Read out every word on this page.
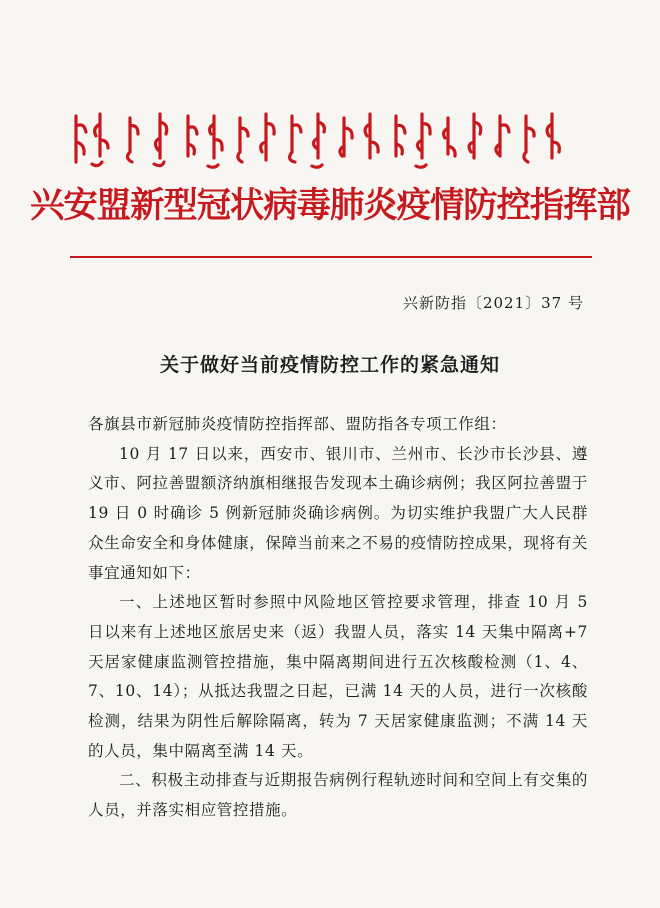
兴安盟新型冠状病毒肺炎疫情防控指挥部
兴新防指〔2021〕37 号
关于做好当前疫情防控工作的紧急通知

各旗县市新冠肺炎疫情防控指挥部、盟防指各专项工作组：

10 月 17 日以来，西安市、银川市、兰州市、长沙市长沙县、遵义市、阿拉善盟额济纳旗相继报告发现本土确诊病例；我区阿拉善盟于 19 日 0 时确诊 5 例新冠肺炎确诊病例。为切实维护我盟广大人民群众生命安全和身体健康，保障当前来之不易的疫情防控成果，现将有关事宜通知如下：

一、上述地区暂时参照中风险地区管控要求管理，排查 10 月 5 日以来有上述地区旅居史来（返）我盟人员，落实 14 天集中隔离+7 天居家健康监测管控措施，集中隔离期间进行五次核酸检测（1、4、7、10、14）；从抵达我盟之日起，已满 14 天的人员，进行一次核酸检测，结果为阴性后解除隔离，转为 7 天居家健康监测；不满 14 天的人员，集中隔离至满 14 天。

二、积极主动排查与近期报告病例行程轨迹时间和空间上有交集的人员，并落实相应管控措施。
